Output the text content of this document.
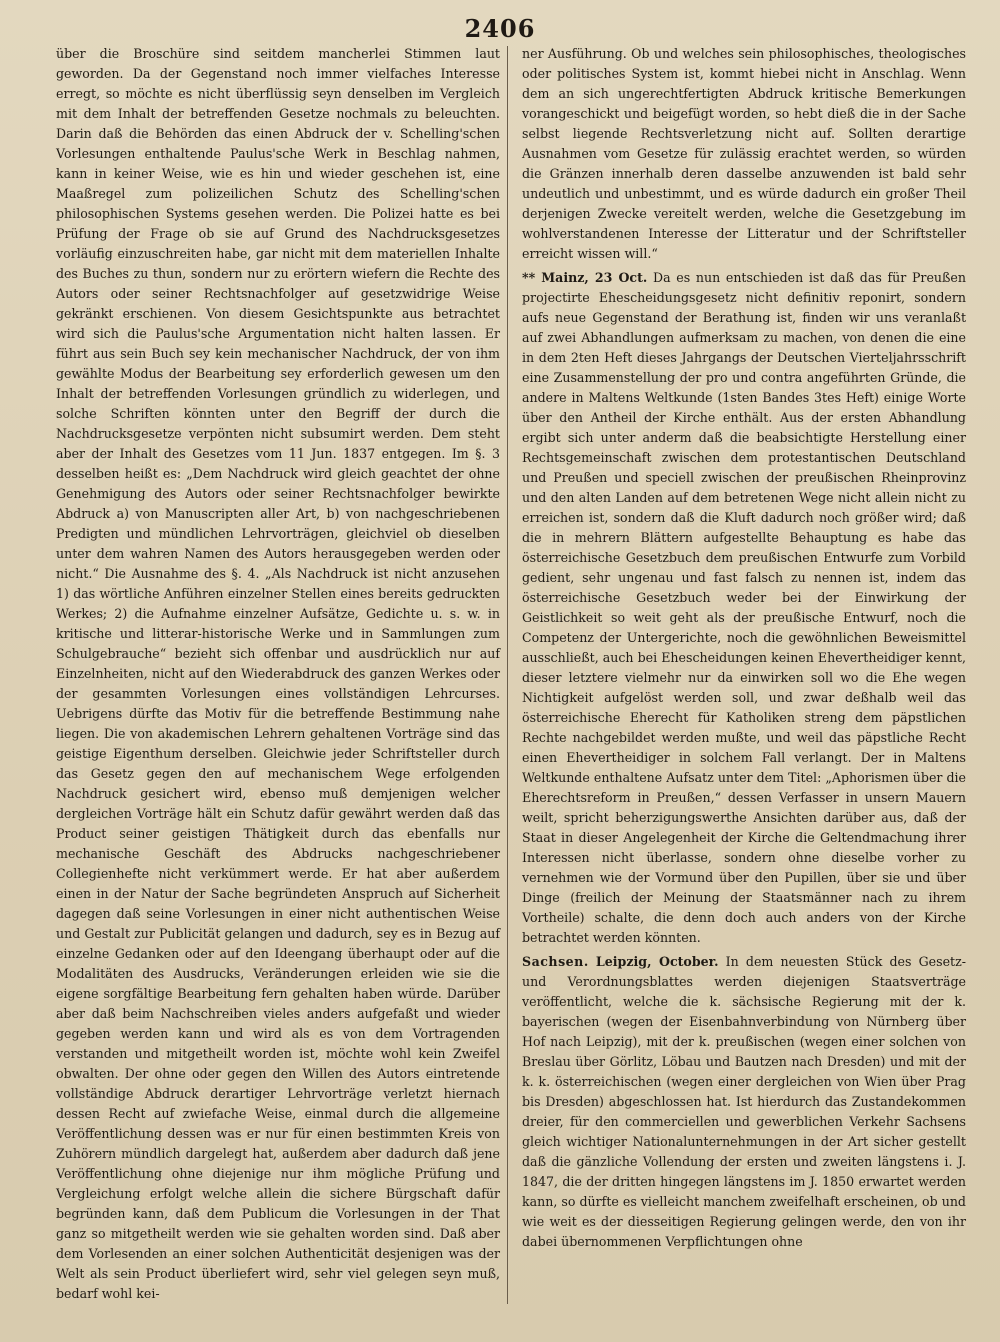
2406

über die Broschüre sind seitdem mancherlei Stimmen laut geworden. Da der Gegenstand noch immer vielfaches Interesse erregt, so möchte es nicht überflüssig seyn denselben im Vergleich mit dem Inhalt der betreffenden Gesetze nochmals zu beleuchten. Darin daß die Behörden das einen Abdruck der v. Schelling'schen Vorlesungen enthaltende Paulus'sche Werk in Beschlag nahmen, kann in keiner Weise, wie es hin und wieder geschehen ist, eine Maaßregel zum polizeilichen Schutz des Schelling'schen philosophischen Systems gesehen werden. Die Polizei hatte es bei Prüfung der Frage ob sie auf Grund des Nachdrucksgesetzes vorläufig einzuschreiten habe, gar nicht mit dem materiellen Inhalte des Buches zu thun, sondern nur zu erörtern wiefern die Rechte des Autors oder seiner Rechtsnachfolger auf gesetzwidrige Weise gekränkt erschienen. Von diesem Gesichtspunkte aus betrachtet wird sich die Paulus'sche Argumentation nicht halten lassen. Er führt aus sein Buch sey kein mechanischer Nachdruck, der von ihm gewählte Modus der Bearbeitung sey erforderlich gewesen um den Inhalt der betreffenden Vorlesungen gründlich zu widerlegen, und solche Schriften könnten unter den Begriff der durch die Nachdrucksgesetze verpönten nicht subsumirt werden. Dem steht aber der Inhalt des Gesetzes vom 11 Jun. 1837 entgegen. Im §. 3 desselben heißt es: „Dem Nachdruck wird gleich geachtet der ohne Genehmigung des Autors oder seiner Rechtsnachfolger bewirkte Abdruck a) von Manuscripten aller Art, b) von nachgeschriebenen Predigten und mündlichen Lehrvorträgen, gleichviel ob dieselben unter dem wahren Namen des Autors herausgegeben werden oder nicht.“ Die Ausnahme des §. 4. „Als Nachdruck ist nicht anzusehen 1) das wörtliche Anführen einzelner Stellen eines bereits gedruckten Werkes; 2) die Aufnahme einzelner Aufsätze, Gedichte u. s. w. in kritische und litterar-historische Werke und in Sammlungen zum Schulgebrauche“ bezieht sich offenbar und ausdrücklich nur auf Einzelnheiten, nicht auf den Wiederabdruck des ganzen Werkes oder der gesammten Vorlesungen eines vollständigen Lehrcurses. Uebrigens dürfte das Motiv für die betreffende Bestimmung nahe liegen. Die von akademischen Lehrern gehaltenen Vorträge sind das geistige Eigenthum derselben. Gleichwie jeder Schriftsteller durch das Gesetz gegen den auf mechanischem Wege erfolgenden Nachdruck gesichert wird, ebenso muß demjenigen welcher dergleichen Vorträge hält ein Schutz dafür gewährt werden daß das Product seiner geistigen Thätigkeit durch das ebenfalls nur mechanische Geschäft des Abdrucks nachgeschriebener Collegienhefte nicht verkümmert werde. Er hat aber außerdem einen in der Natur der Sache begründeten Anspruch auf Sicherheit dagegen daß seine Vorlesungen in einer nicht authentischen Weise und Gestalt zur Publicität gelangen und dadurch, sey es in Bezug auf einzelne Gedanken oder auf den Ideengang überhaupt oder auf die Modalitäten des Ausdrucks, Veränderungen erleiden wie sie die eigene sorgfältige Bearbeitung fern gehalten haben würde. Darüber aber daß beim Nachschreiben vieles anders aufgefaßt und wieder gegeben werden kann und wird als es von dem Vortragenden verstanden und mitgetheilt worden ist, möchte wohl kein Zweifel obwalten. Der ohne oder gegen den Willen des Autors eintretende vollständige Abdruck derartiger Lehrvorträge verletzt hiernach dessen Recht auf zwiefache Weise, einmal durch die allgemeine Veröffentlichung dessen was er nur für einen bestimmten Kreis von Zuhörern mündlich dargelegt hat, außerdem aber dadurch daß jene Veröffentlichung ohne diejenige nur ihm mögliche Prüfung und Vergleichung erfolgt welche allein die sichere Bürgschaft dafür begründen kann, daß dem Publicum die Vorlesungen in der That ganz so mitgetheilt werden wie sie gehalten worden sind. Daß aber dem Vorlesenden an einer solchen Authenticität desjenigen was der Welt als sein Product überliefert wird, sehr viel gelegen seyn muß, bedarf wohl kei-

ner Ausführung. Ob und welches sein philosophisches, theologisches oder politisches System ist, kommt hiebei nicht in Anschlag. Wenn dem an sich ungerechtfertigten Abdruck kritische Bemerkungen vorangeschickt und beigefügt worden, so hebt dieß die in der Sache selbst liegende Rechtsverletzung nicht auf. Sollten derartige Ausnahmen vom Gesetze für zulässig erachtet werden, so würden die Gränzen innerhalb deren dasselbe anzuwenden ist bald sehr undeutlich und unbestimmt, und es würde dadurch ein großer Theil derjenigen Zwecke vereitelt werden, welche die Gesetzgebung im wohlverstandenen Interesse der Litteratur und der Schriftsteller erreicht wissen will.“

** Mainz, 23 Oct. Da es nun entschieden ist daß das für Preußen projectirte Ehescheidungsgesetz nicht definitiv reponirt, sondern aufs neue Gegenstand der Berathung ist, finden wir uns veranlaßt auf zwei Abhandlungen aufmerksam zu machen, von denen die eine in dem 2ten Heft dieses Jahrgangs der Deutschen Vierteljahrsschrift eine Zusammenstellung der pro und contra angeführten Gründe, die andere in Maltens Weltkunde (1sten Bandes 3tes Heft) einige Worte über den Antheil der Kirche enthält. Aus der ersten Abhandlung ergibt sich unter anderm daß die beabsichtigte Herstellung einer Rechtsgemeinschaft zwischen dem protestantischen Deutschland und Preußen und speciell zwischen der preußischen Rheinprovinz und den alten Landen auf dem betretenen Wege nicht allein nicht zu erreichen ist, sondern daß die Kluft dadurch noch größer wird; daß die in mehrern Blättern aufgestellte Behauptung es habe das österreichische Gesetzbuch dem preußischen Entwurfe zum Vorbild gedient, sehr ungenau und fast falsch zu nennen ist, indem das österreichische Gesetzbuch weder bei der Einwirkung der Geistlichkeit so weit geht als der preußische Entwurf, noch die Competenz der Untergerichte, noch die gewöhnlichen Beweismittel ausschließt, auch bei Ehescheidungen keinen Ehevertheidiger kennt, dieser letztere vielmehr nur da einwirken soll wo die Ehe wegen Nichtigkeit aufgelöst werden soll, und zwar deßhalb weil das österreichische Eherecht für Katholiken streng dem päpstlichen Rechte nachgebildet werden mußte, und weil das päpstliche Recht einen Ehevertheidiger in solchem Fall verlangt. Der in Maltens Weltkunde enthaltene Aufsatz unter dem Titel: „Aphorismen über die Eherechtsreform in Preußen,“ dessen Verfasser in unsern Mauern weilt, spricht beherzigungswerthe Ansichten darüber aus, daß der Staat in dieser Angelegenheit der Kirche die Geltendmachung ihrer Interessen nicht überlasse, sondern ohne dieselbe vorher zu vernehmen wie der Vormund über den Pupillen, über sie und über Dinge (freilich der Meinung der Staatsmänner nach zu ihrem Vortheile) schalte, die denn doch auch anders von der Kirche betrachtet werden könnten.

Sachsen. Leipzig, October. In dem neuesten Stück des Gesetz- und Verordnungsblattes werden diejenigen Staatsverträge veröffentlicht, welche die k. sächsische Regierung mit der k. bayerischen (wegen der Eisenbahnverbindung von Nürnberg über Hof nach Leipzig), mit der k. preußischen (wegen einer solchen von Breslau über Görlitz, Löbau und Bautzen nach Dresden) und mit der k. k. österreichischen (wegen einer dergleichen von Wien über Prag bis Dresden) abgeschlossen hat. Ist hierdurch das Zustandekommen dreier, für den commerciellen und gewerblichen Verkehr Sachsens gleich wichtiger Nationalunternehmungen in der Art sicher gestellt daß die gänzliche Vollendung der ersten und zweiten längstens i. J. 1847, die der dritten hingegen längstens im J. 1850 erwartet werden kann, so dürfte es vielleicht manchem zweifelhaft erscheinen, ob und wie weit es der diesseitigen Regierung gelingen werde, den von ihr dabei übernommenen Verpflichtungen ohne
